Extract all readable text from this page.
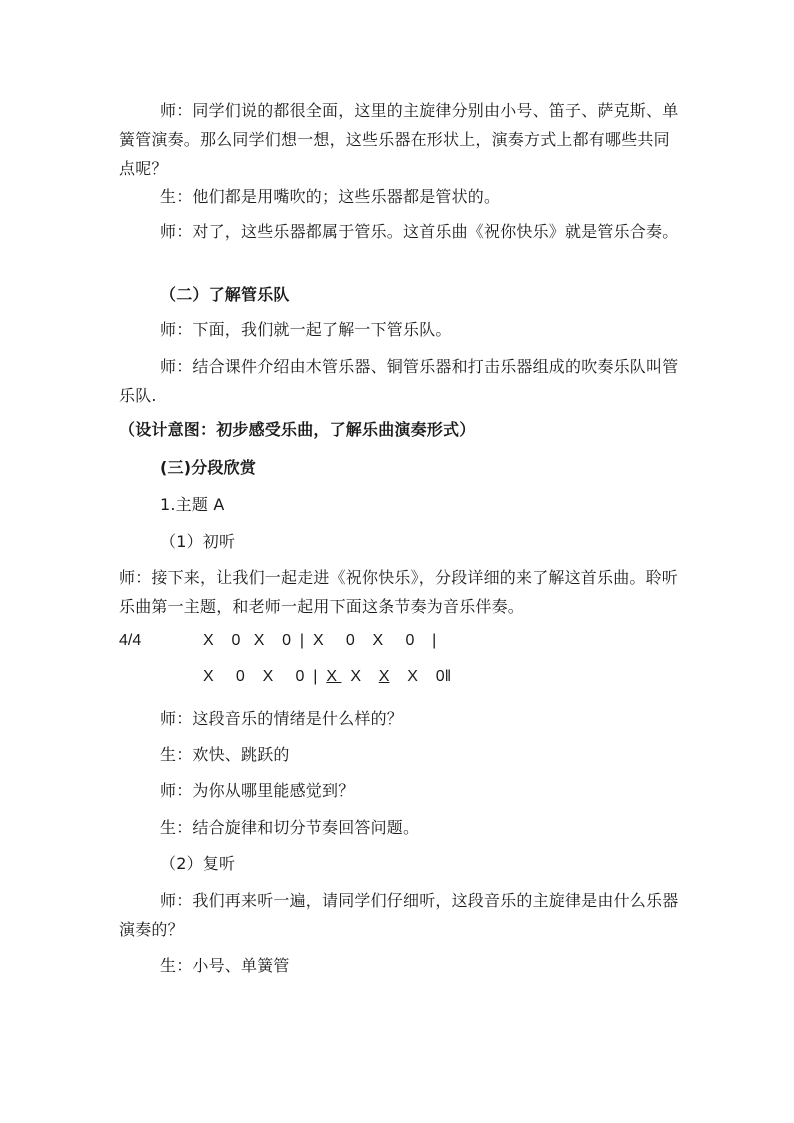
师：同学们说的都很全面，这里的主旋律分别由小号、笛子、萨克斯、单簧管演奏。那么同学们想一想，这些乐器在形状上，演奏方式上都有哪些共同点呢？

生：他们都是用嘴吹的；这些乐器都是管状的。

师：对了，这些乐器都属于管乐。这首乐曲《祝你快乐》就是管乐合奏。

（二）了解管乐队

师：下面，我们就一起了解一下管乐队。

师：结合课件介绍由木管乐器、铜管乐器和打击乐器组成的吹奏乐队叫管乐队.

（设计意图：初步感受乐曲，了解乐曲演奏形式）

(三)分段欣赏

1.主题 A

（1）初听

师：接下来，让我们一起走进《祝你快乐》，分段详细的来了解这首乐曲。聆听乐曲第一主题，和老师一起用下面这条节奏为音乐伴奏。

4/4	X    0   X    0  |  X     0    X     0    |
X     0    X     0  |  X   X    X    X    0‖

师：这段音乐的情绪是什么样的？

生：欢快、跳跃的

师：为你从哪里能感觉到？

生：结合旋律和切分节奏回答问题。

（2）复听

师：我们再来听一遍，请同学们仔细听，这段音乐的主旋律是由什么乐器演奏的？

生：小号、单簧管
